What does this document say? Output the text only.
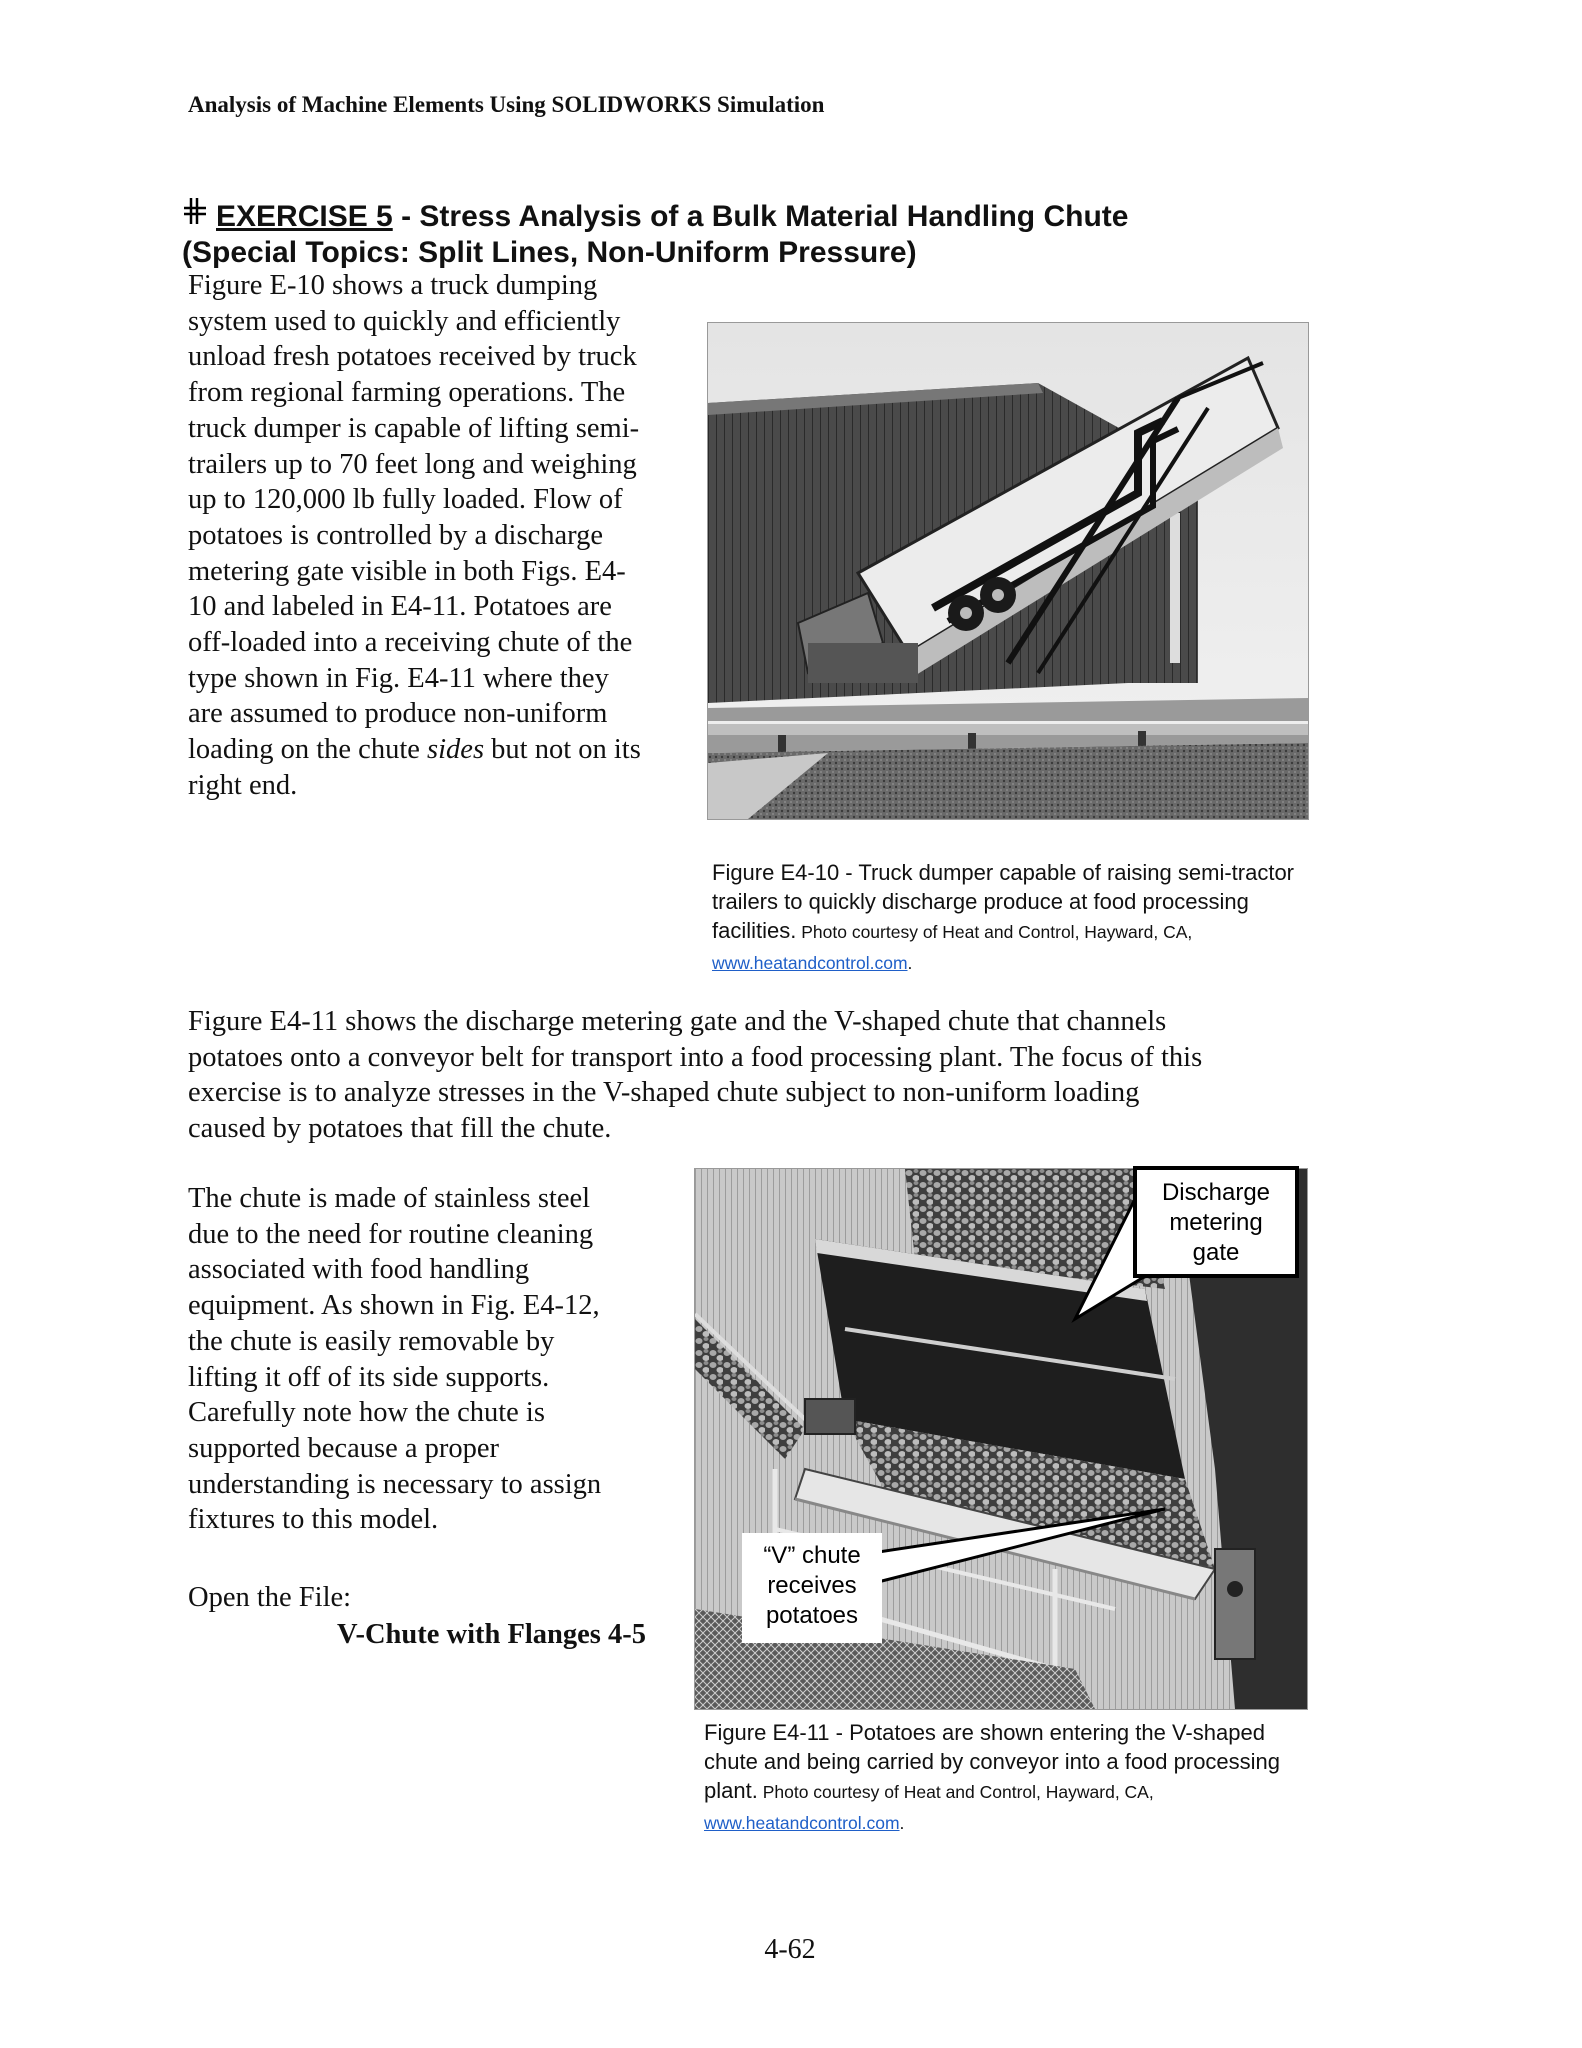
Analysis of Machine Elements Using SOLIDWORKS Simulation
EXERCISE 5 - Stress Analysis of a Bulk Material Handling Chute
(Special Topics: Split Lines, Non-Uniform Pressure)

Figure E-10 shows a truck dumping

system used to quickly and efficiently

unload fresh potatoes received by truck

from regional farming operations. The

truck dumper is capable of lifting semi-

trailers up to 70 feet long and weighing

up to 120,000 lb fully loaded. Flow of

potatoes is controlled by a discharge

metering gate visible in both Figs. E4-

10 and labeled in E4-11. Potatoes are

off-loaded into a receiving chute of the

type shown in Fig. E4-11 where they

are assumed to produce non-uniform

loading on the chute sides but not on its

right end.

Figure E4-10 - Truck dumper capable of raising semi-tractor trailers to quickly discharge produce at food processing facilities. Photo courtesy of Heat and Control, Hayward, CA, www.heatandcontrol.com.

Figure E4-11 shows the discharge metering gate and the V-shaped chute that channels

potatoes onto a conveyor belt for transport into a food processing plant. The focus of this

exercise is to analyze stresses in the V-shaped chute subject to non-uniform loading

caused by potatoes that fill the chute.

The chute is made of stainless steel

due to the need for routine cleaning

associated with food handling

equipment. As shown in Fig. E4-12,

the chute is easily removable by

lifting it off of its side supports.

Carefully note how the chute is

supported because a proper

understanding is necessary to assign

fixtures to this model.

Open the File:
V-Chute with Flanges 4-5
Discharge
metering
gate
“V” chute
receives
potatoes
Figure E4-11 - Potatoes are shown entering the V-shaped chute and being carried by conveyor into a food processing plant. Photo courtesy of Heat and Control, Hayward, CA, www.heatandcontrol.com.
4-62
